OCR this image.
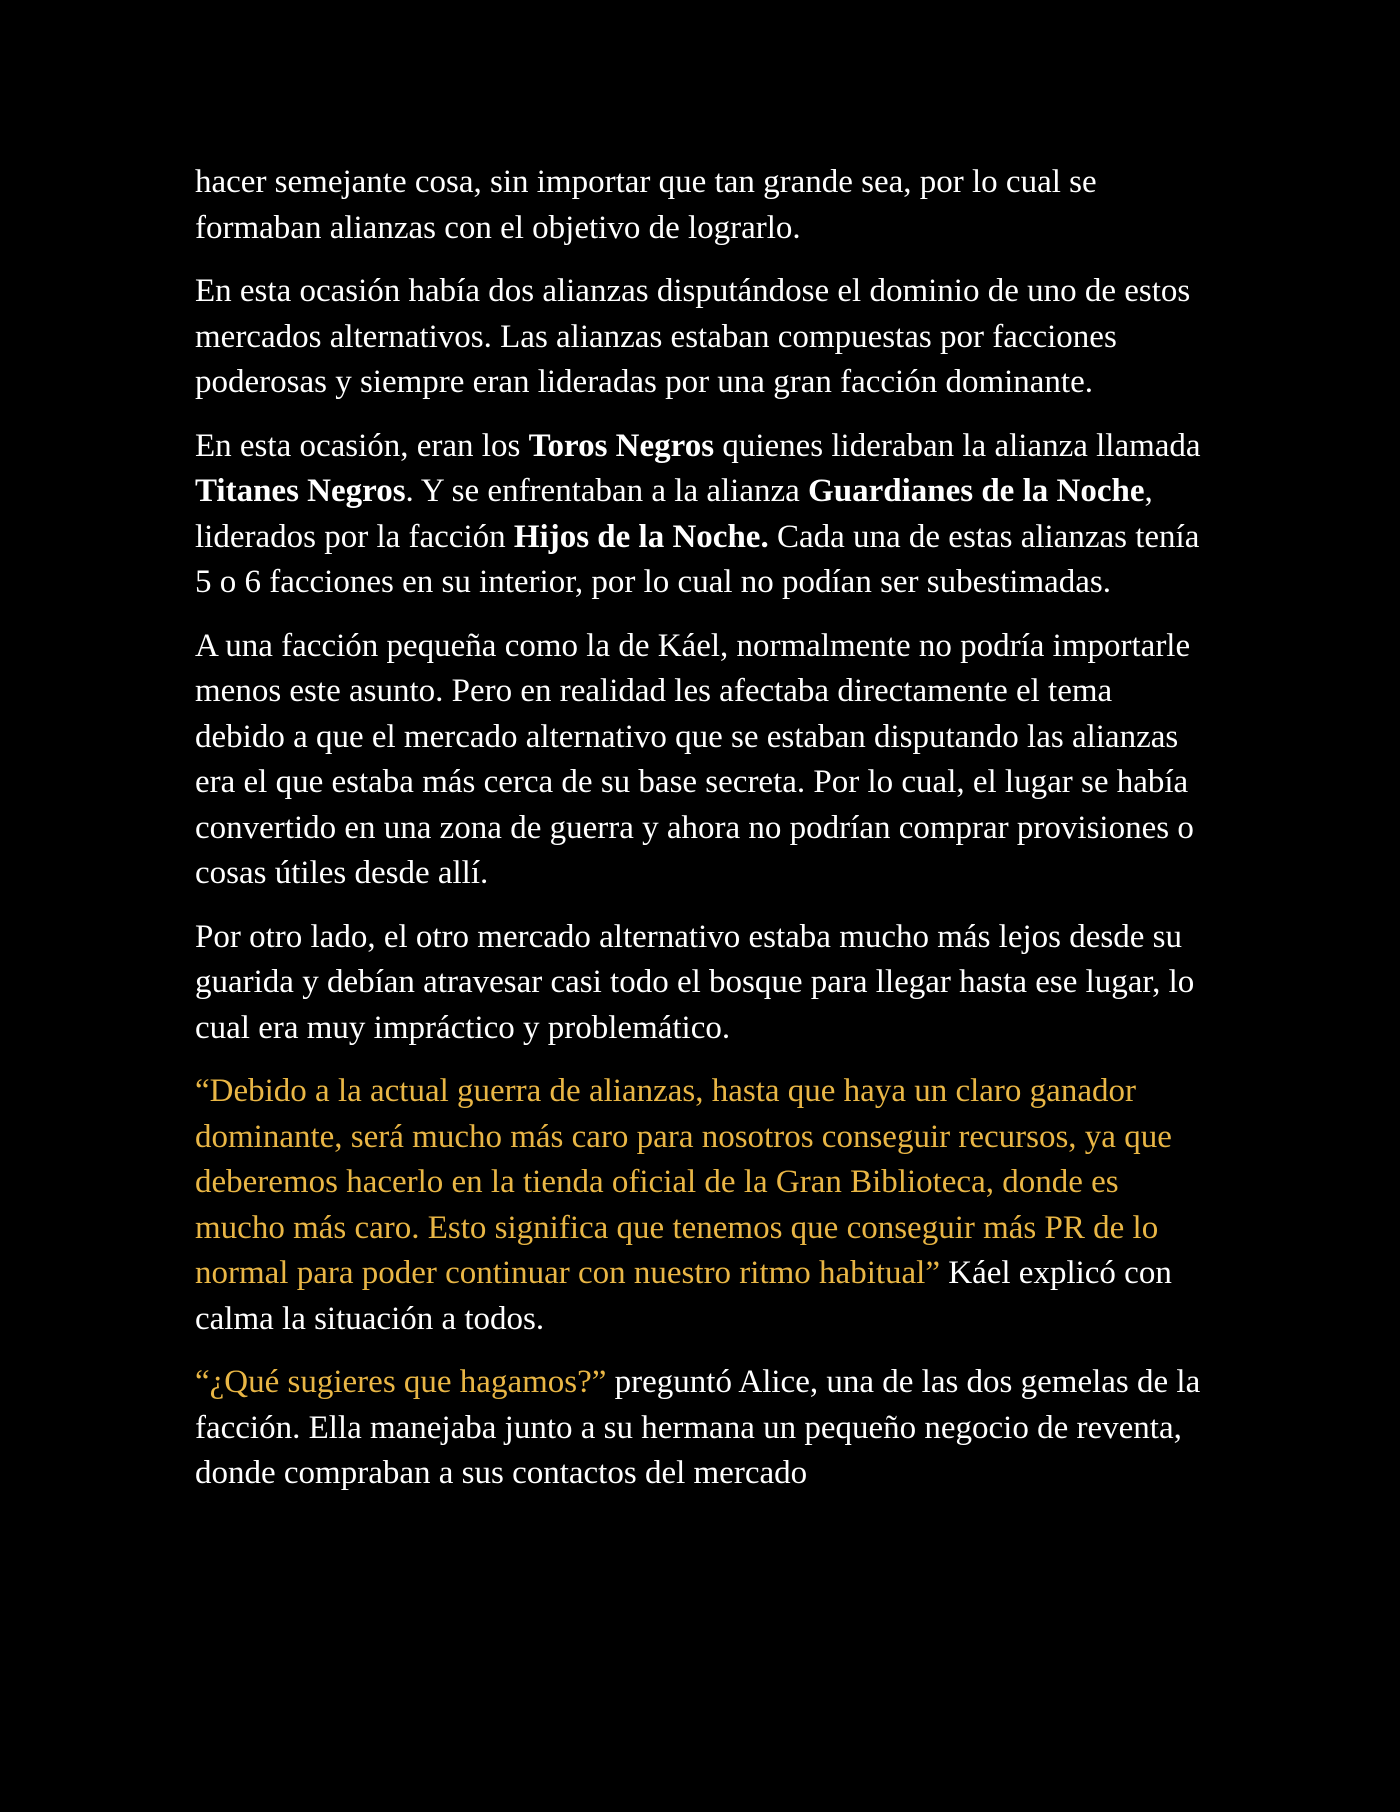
hacer semejante cosa, sin importar que tan grande sea, por lo cual se formaban alianzas con el objetivo de lograrlo.

En esta ocasión había dos alianzas disputándose el dominio de uno de estos mercados alternativos. Las alianzas estaban compuestas por facciones poderosas y siempre eran lideradas por una gran facción dominante.

En esta ocasión, eran los Toros Negros quienes lideraban la alianza llamada Titanes Negros. Y se enfrentaban a la alianza Guardianes de la Noche, liderados por la facción Hijos de la Noche. Cada una de estas alianzas tenía 5 o 6 facciones en su interior, por lo cual no podían ser subestimadas.

A una facción pequeña como la de Káel, normalmente no podría importarle menos este asunto. Pero en realidad les afectaba directamente el tema debido a que el mercado alternativo que se estaban disputando las alianzas era el que estaba más cerca de su base secreta. Por lo cual, el lugar se había convertido en una zona de guerra y ahora no podrían comprar provisiones o cosas útiles desde allí.

Por otro lado, el otro mercado alternativo estaba mucho más lejos desde su guarida y debían atravesar casi todo el bosque para llegar hasta ese lugar, lo cual era muy impráctico y problemático.

“Debido a la actual guerra de alianzas, hasta que haya un claro ganador dominante, será mucho más caro para nosotros conseguir recursos, ya que deberemos hacerlo en la tienda oficial de la Gran Biblioteca, donde es mucho más caro. Esto significa que tenemos que conseguir más PR de lo normal para poder continuar con nuestro ritmo habitual” Káel explicó con calma la situación a todos.

“¿Qué sugieres que hagamos?” preguntó Alice, una de las dos gemelas de la facción. Ella manejaba junto a su hermana un pequeño negocio de reventa, donde compraban a sus contactos del mercado
